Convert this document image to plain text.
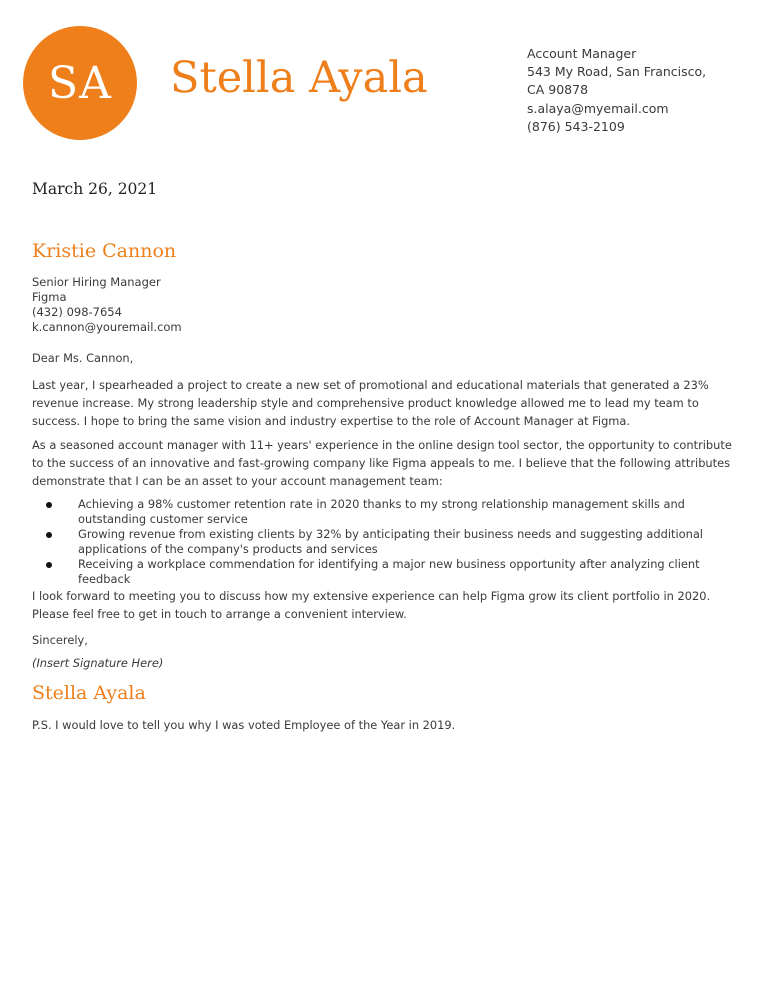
SA Stella Ayala	Account Manager
543 My Road, San Francisco,
CA 90878
s.alaya@myemail.com
(876) 543-2109
March 26, 2021
Kristie Cannon
Senior Hiring Manager
Figma
(432) 098-7654
k.cannon@youremail.com

Dear Ms. Cannon,

Last year, I spearheaded a project to create a new set of promotional and educational materials that generated a 23% revenue increase. My strong leadership style and comprehensive product knowledge allowed me to lead my team to success. I hope to bring the same vision and industry expertise to the role of Account Manager at Figma.

As a seasoned account manager with 11+ years' experience in the online design tool sector, the opportunity to contribute to the success of an innovative and fast-growing company like Figma appeals to me. I believe that the following attributes demonstrate that I can be an asset to your account management team:

Achieving a 98% customer retention rate in 2020 thanks to my strong relationship management skills and outstanding customer service
Growing revenue from existing clients by 32% by anticipating their business needs and suggesting additional applications of the company's products and services
Receiving a workplace commendation for identifying a major new business opportunity after analyzing client feedback

I look forward to meeting you to discuss how my extensive experience can help Figma grow its client portfolio in 2020. Please feel free to get in touch to arrange a convenient interview.

Sincerely,

(Insert Signature Here)
Stella Ayala

P.S. I would love to tell you why I was voted Employee of the Year in 2019.
